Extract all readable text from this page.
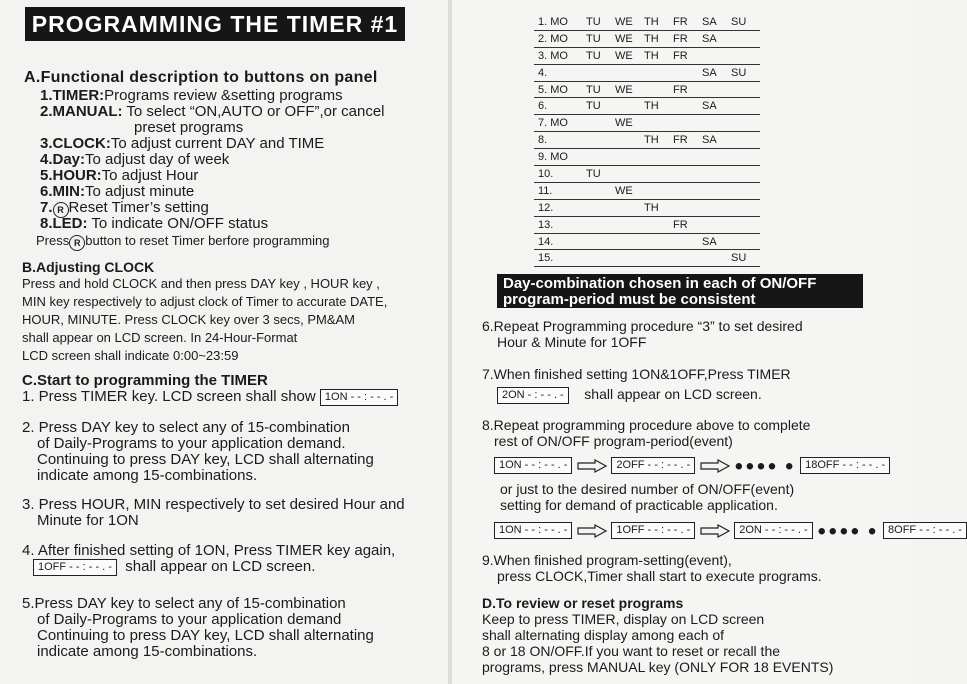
PROGRAMMING THE TIMER #1
A.Functional description to buttons on panel
1.TIMER:Programs review &setting programs
2.MANUAL: To select “ON,AUTO or OFF”,or cancel
preset programs
3.CLOCK:To adjust current DAY and TIME
4.Day:To adjust day of week
5.HOUR:To adjust Hour
6.MIN:To adjust minute
7. R Reset Timer’s setting
8.LED: To indicate ON/OFF status
Press R button to reset Timer berfore programming
B.Adjusting CLOCK
Press and hold CLOCK and then press DAY key , HOUR key ,
MIN key respectively to adjust clock of Timer to accurate DATE,
HOUR, MINUTE. Press CLOCK key over 3 secs, PM&AM
shall appear on LCD screen. In 24-Hour-Format
LCD screen shall indicate 0:00~23:59
C.Start to programming the TIMER
1. Press TIMER key. LCD screen shall show 1ON - - : - - . -
2. Press DAY key to select any of 15-combination
of Daily-Programs to your application demand.
Continuing to press DAY key, LCD shall alternating
indicate among 15-combinations.
3. Press HOUR, MIN respectively to set desired Hour and
Minute for 1ON
4. After finished setting of 1ON, Press TIMER key again,
1OFF - - : - - . - shall appear on LCD screen.
5.Press DAY key to select any of 15-combination
of Daily-Programs to your application demand
Continuing to press DAY key, LCD shall alternating
indicate among 15-combinations.
1. MO	TU	WE	TH	FR	SA	SU
2. MO	TU	WE	TH	FR	SA	
3. MO	TU	WE	TH	FR		
4.					SA	SU
5. MO	TU	WE		FR		
6.	TU		TH		SA	
7. MO		WE				
8.			TH	FR	SA	
9. MO						
10.	TU					
11.		WE				
12.			TH			
13.				FR		
14.					SA	
15.						SU
Day-combination chosen in each of ON/OFF
program-period must be consistent
6.Repeat Programming procedure “3” to set desired
Hour & Minute for 1OFF
7.When finished setting 1ON&1OFF,Press TIMER
2ON - : - - . - shall appear on LCD screen.
8.Repeat programming procedure above to complete
rest of ON/OFF program-period(event)
1ON - - : - - . -	2OFF - - : - - . -	●●●● ● 18OFF - - : - - . -
or just to the desired number of ON/OFF(event)
setting for demand of practicable application.
1ON - - : - - . -	1OFF - - : - - . -	2ON - - : - - . - ●●●● ● 8OFF - - : - - . -
9.When finished program-setting(event),
press CLOCK,Timer shall start to execute programs.
D.To review or reset programs
Keep to press TIMER, display on LCD screen
shall alternating display among each of
8 or 18 ON/OFF.If you want to reset or recall the
programs, press MANUAL key (ONLY FOR 18 EVENTS)
